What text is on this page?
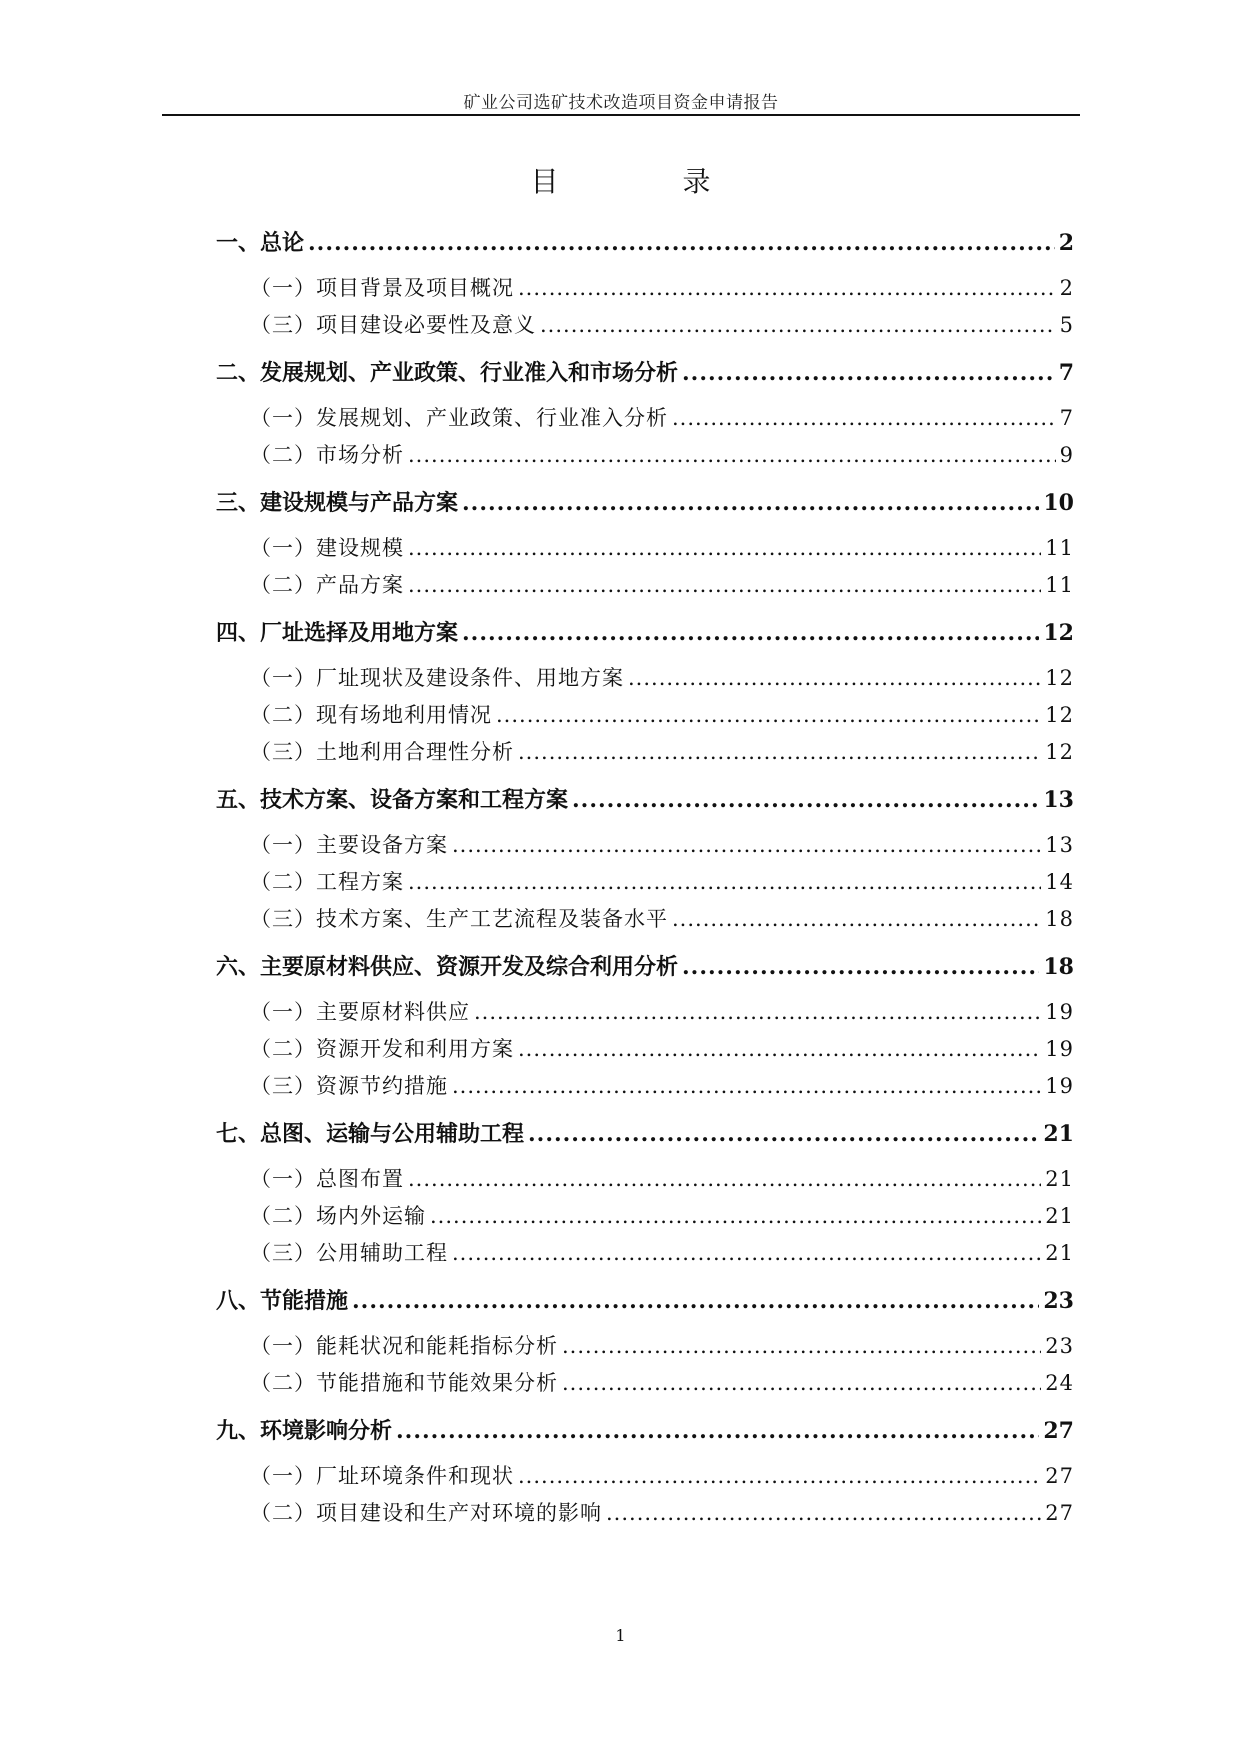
矿业公司选矿技术改造项目资金申请报告
目　录
一、总论 .....	2
（一）项目背景及项目概况 .....	2
（三）项目建设必要性及意义 .....	5
二、发展规划、产业政策、行业准入和市场分析 .....	7
（一）发展规划、产业政策、行业准入分析 .....	7
（二）市场分析 .....	9
三、建设规模与产品方案 .....	10
（一）建设规模 .....	11
（二）产品方案 .....	11
四、厂址选择及用地方案 .....	12
（一）厂址现状及建设条件、用地方案 .....	12
（二）现有场地利用情况 .....	12
（三）土地利用合理性分析 .....	12
五、技术方案、设备方案和工程方案 .....	13
（一）主要设备方案 .....	13
（二）工程方案 .....	14
（三）技术方案、生产工艺流程及装备水平 .....	18
六、主要原材料供应、资源开发及综合利用分析 .....	18
（一）主要原材料供应 .....	19
（二）资源开发和利用方案 .....	19
（三）资源节约措施 .....	19
七、总图、运输与公用辅助工程 .....	21
（一）总图布置 .....	21
（二）场内外运输 .....	21
（三）公用辅助工程 .....	21
八、节能措施 .....	23
（一）能耗状况和能耗指标分析 .....	23
（二）节能措施和节能效果分析 .....	24
九、环境影响分析 .....	27
（一）厂址环境条件和现状 .....	27
（二）项目建设和生产对环境的影响 .....	27
1
